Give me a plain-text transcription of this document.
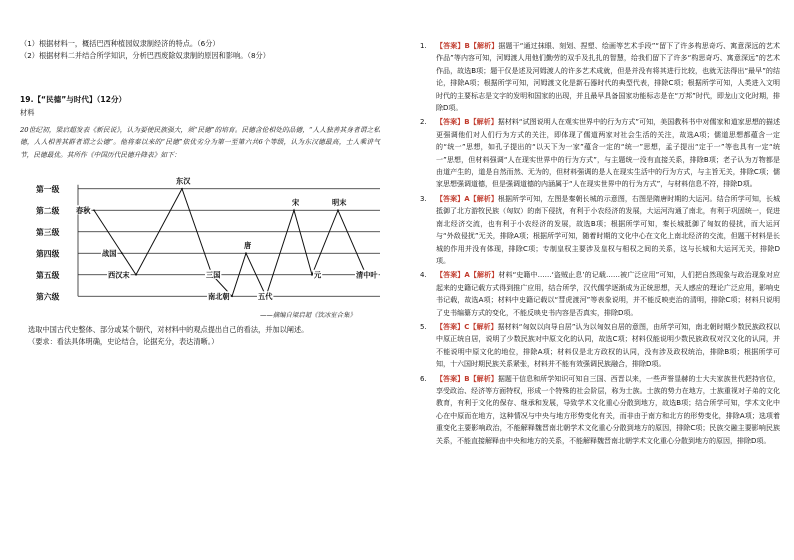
（1）根据材料一，概括巴西种植园奴隶制经济的特点。（6分）
（2）根据材料二并结合所学知识，分析巴西废除奴隶制的原因和影响。（8分）
19.【“民德”与时代】（12分）
材料
20世纪初，梁启超发表《新民说》，认为要使民族强大，须“民德”的培育。民德含伦相处的品德，“人人独善其身者谓之私德，人人相善其群者谓之公德”。他将秦以来的“民德”依优劣分为第一至第六共6个等级，认为东汉德最高，士人乘讲气节，民德最优。其所作《中国历代民德升降表》如下：
第一级
第二级
第三级
第四级
第五级
第六级
春秋
战国
西汉末
东汉
三国
南北朝
唐
五代
宋
元
明末
清中叶
——摘编自梁启超《饮冰室合集》
选取中国古代史整体、部分或某个朝代，对材料中的观点提出自己的看法，并加以阐述。
（要求：看法具体明确，史论结合，论据充分，表达清晰。）
1. 【答案】B【解析】据题干“通过抹眼、刻划、捏塑、绘画等艺术手段”“留下了许多构思奇巧、寓意深远的艺术作品”等内容可知，河姆渡人用他们勤劳的双手及扎扎的智慧，给我们留下了许多“构思奇巧、寓意深远”的艺术作品，故选B项；题干仅是述及河姆渡人的许多艺术成就，但是并没有将其进行比较，也就无法得出“最早”的结论，排除A项；根据所学可知，河姆渡文化是新石器时代的典型代表，排除C项；根据所学可知，人类进入文明时代的主要标志是文字的发明和国家的出现，并且最早具备国家功能标志是在“万邦”时代，即龙山文化时期，排除D项。
2. 【答案】B【解析】据材料“试图说明人在观实世界中的行为方式”可知，美国教科书中对儒家和道家思想的描述更强调他们对人们行为方式的关注，即体现了儒道两家对社会生活的关注，故选A项；儒道思想都蕴含一定的“统一”思想，如孔子提出的“以天下为一家”蕴含一定的“统一”思想，孟子提出“定于一”等也具有一定“统一”思想，但材料强调“人在现实世界中的行为方式”，与主题统一没有直接关系，排除B项；老子认为万物都是由道产生的，道是自然而然、无为的，但材料强调的是人在现实生活中的行为方式，与主旨无关，排除C项；儒家思想强调道德，但是强调道德的内涵属于“人在现实世界中的行为方式”，与材料信息不符，排除D项。
3. 【答案】A【解析】根据所学可知，左图是秦朝长城的示意图，右图是隋唐时期的大运河。结合所学可知，长城抵御了北方游牧民族（匈奴）的南下侵扰，有利于小农经济的发展，大运河沟通了南北，有利于巩固统一，促进南北经济交流，也有利于小农经济的发展，故选B项；根据所学可知，秦长城抵御了匈奴的侵扰，而大运河与“外敌侵扰”无关，排除A项；根据所学可知，随着时期的文化中心在文化上南北经济的交流，但题干材料是长城的作用并没有体现，排除C项；专制皇权主要涉及皇权与相权之间的关系，这与长城和大运河无关，排除D项。
4. 【答案】A【解析】材料“史籍中……‘盗贼止息’的记载……被广泛应用”可知，人们把自然现象与政治现象对应起来的史籍记载方式得到推广应用，结合所学，汉代儒学逐渐成为正统思想，天人感应的理论广泛应用，影响史书记载，故选A项；材料中史籍记载以“彗虎渡河”等表象说明，并不能反映吏治的清明，排除C项；材料只说明了史书编纂方式的变化，不能反映史书内容是否真实，排除D项。
5. 【答案】C【解析】据材料“匈奴以向导自居”认为以匈奴自居的意图，由所学可知，南北朝时期少数民族政权以中原正统自居，说明了少数民族对中原文化的认同，故选C项；材料仅能说明少数民族政权对汉文化的认同，并不能说明中原文化的地位，排除A项；材料仅是北方政权的认同，没有涉及政权统治，排除B项；根据所学可知，十六国时期民族关系紧张，材料并不能有效强调民族融合，排除D项。
6. 【答案】B【解析】据题干信息和所学知识可知自三国、西晋以来，一些声誉显赫的士大夫家族世代把持官位，享受政治、经济等方面特权，形成一个特殊的社会阶层，称为士族。士族的势力在地方，士族重视对子弟的文化教育，有利于文化的保存、继承和发展，导致学术文化重心分散到地方，故选B项；结合所学可知，学术文化中心在中原而在地方，这种情况与中央与地方形势变化有关，而非由于南方和北方的形势变化，排除A项；选项着重变化主要影响政治，不能解释魏晋南北朝学术文化重心分散到地方的原因，排除C项；民族交融主要影响民族关系，不能直接解释由中央和地方的关系，不能解释魏晋南北朝学术文化重心分散到地方的原因，排除D项。
